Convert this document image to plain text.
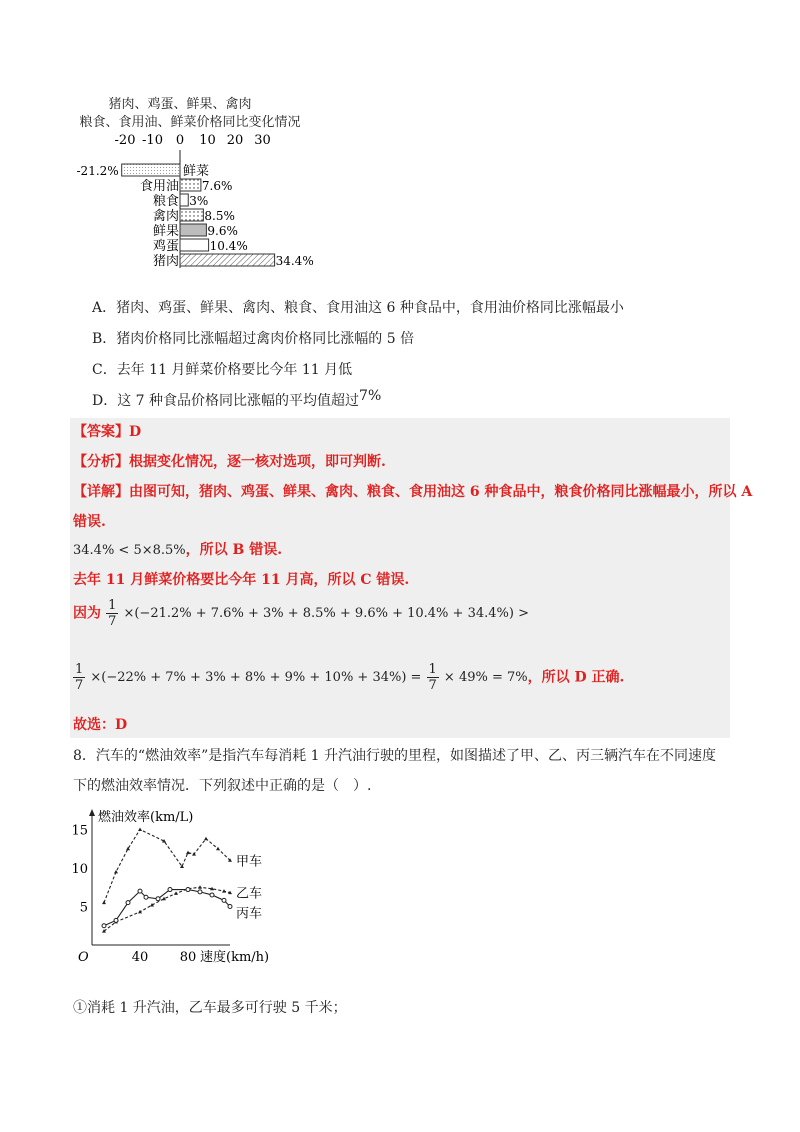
猪肉、鸡蛋、鲜果、禽肉
粮食、食用油、鲜菜价格同比变化情况
-20 -10 0 10 20 30
鲜菜
-21.2%
食用油 7.6%
粮食 3%
禽肉 8.5%
鲜果 9.6%
鸡蛋	10.4%
猪肉	34.4%
A．猪肉、鸡蛋、鲜果、禽肉、粮食、食用油这 6 种食品中，食用油价格同比涨幅最小
B．猪肉价格同比涨幅超过禽肉价格同比涨幅的 5 倍
C．去年 11 月鲜菜价格要比今年 11 月低
D．这 7 种食品价格同比涨幅的平均值超过7%
【答案】D
【分析】根据变化情况，逐一核对选项，即可判断.
【详解】由图可知，猪肉、鸡蛋、鲜果、禽肉、粮食、食用油这 6 种食品中，粮食价格同比涨幅最小，所以 A
错误.
34.4% < 5×8.5%，所以 B 错误.
去年 11 月鲜菜价格要比今年 11 月高，所以 C 错误.
因为 $\frac{1}{7} \times(-21.2\% + 7.6\% + 3\% + 8.5\% + 9.6\% + 10.4\% + 34.4\%)$ >
$\frac{1}{7} \times(-22\% + 7\% + 3\% + 8\% + 9\% + 10\% + 34\%) = \frac{1}{7} \times 49\% = 7\%$，所以 D 正确.
故选：D
8．汽车的“燃油效率”是指汽车每消耗 1 升汽油行驶的里程，如图描述了甲、乙、丙三辆汽车在不同速度
下的燃油效率情况．下列叙述中正确的是（　）.
燃油效率(km/L)
速度(km/h)
O	40 80
15
10
5
甲车
乙车
丙车
①消耗 1 升汽油，乙车最多可行驶 5 千米；
